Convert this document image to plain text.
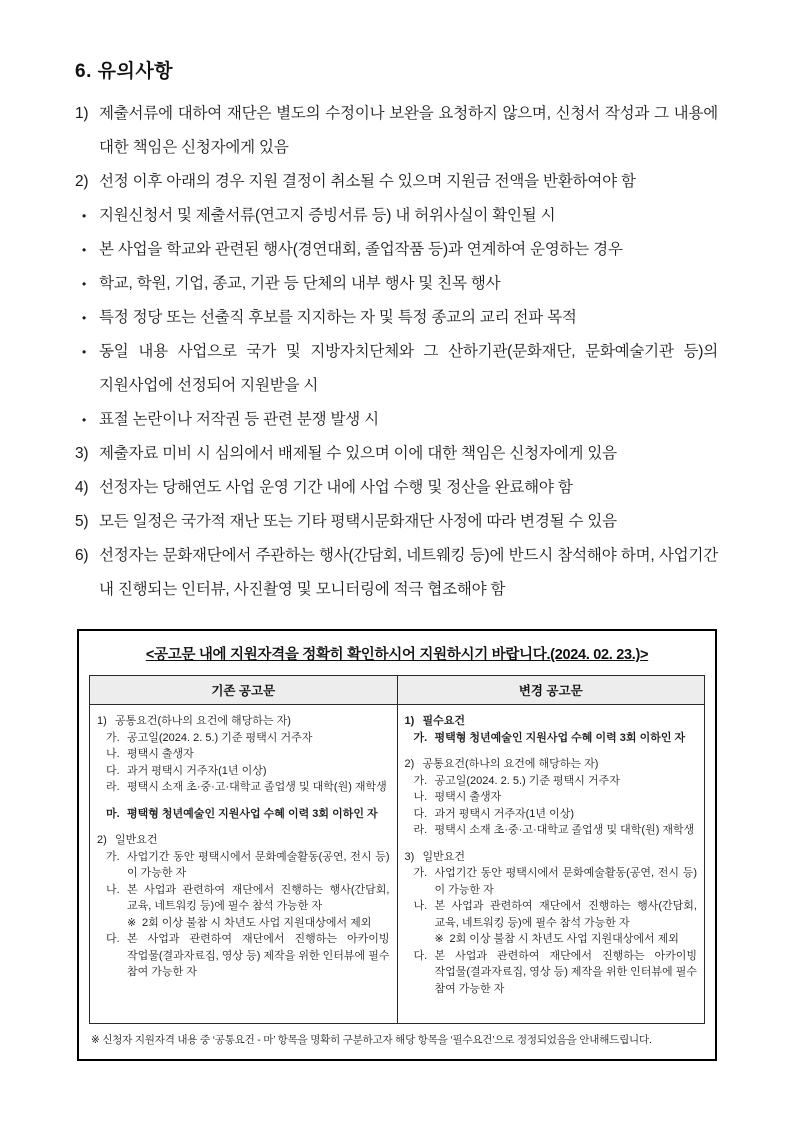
6. 유의사항
1) 제출서류에 대하여 재단은 별도의 수정이나 보완을 요청하지 않으며, 신청서 작성과 그 내용에 대한 책임은 신청자에게 있음
2) 선정 이후 아래의 경우 지원 결정이 취소될 수 있으며 지원금 전액을 반환하여야 함
• 지원신청서 및 제출서류(연고지 증빙서류 등) 내 허위사실이 확인될 시
• 본 사업을 학교와 관련된 행사(경연대회, 졸업작품 등)과 연계하여 운영하는 경우
• 학교, 학원, 기업, 종교, 기관 등 단체의 내부 행사 및 친목 행사
• 특정 정당 또는 선출직 후보를 지지하는 자 및 특정 종교의 교리 전파 목적
• 동일 내용 사업으로 국가 및 지방자치단체와 그 산하기관(문화재단, 문화예술기관 등)의 지원사업에 선정되어 지원받을 시
• 표절 논란이나 저작권 등 관련 분쟁 발생 시
3) 제출자료 미비 시 심의에서 배제될 수 있으며 이에 대한 책임은 신청자에게 있음
4) 선정자는 당해연도 사업 운영 기간 내에 사업 수행 및 정산을 완료해야 함
5) 모든 일정은 국가적 재난 또는 기타 평택시문화재단 사정에 따라 변경될 수 있음
6) 선정자는 문화재단에서 주관하는 행사(간담회, 네트웨킹 등)에 반드시 참석해야 하며, 사업기간 내 진행되는 인터뷰, 사진촬영 및 모니터링에 적극 협조해야 함
<공고문 내에 지원자격을 정확히 확인하시어 지원하시기 바랍니다.(2024. 02. 23.)>
기존 공고문	변경 공고문

1) 공통요건(하나의 요건에 해당하는 자)
가. 공고일(2024. 2. 5.) 기준 평택시 거주자
나. 평택시 출생자
다. 과거 평택시 거주자(1년 이상)
라. 평택시 소재 초·중·고·대학교 졸업생 및 대학(원) 재학생
마. 평택형 청년예술인 지원사업 수혜 이력 3회 이하인 자
2) 일반요건
가. 사업기간 동안 평택시에서 문화예술활동(공연, 전시 등)이 가능한 자
나. 본 사업과 관련하여 재단에서 진행하는 행사(간담회, 교육, 네트워킹 등)에 필수 참석 가능한 자
※ 2회 이상 불참 시 차년도 사업 지원대상에서 제외
다. 본 사업과 관련하여 재단에서 진행하는 아카이빙 작업물(결과자료집, 영상 등) 제작을 위한 인터뷰에 필수 참여 가능한 자

1) 필수요건
가. 평택형 청년예술인 지원사업 수혜 이력 3회 이하인 자
2) 공통요건(하나의 요건에 해당하는 자)
가. 공고일(2024. 2. 5.) 기준 평택시 거주자
나. 평택시 출생자
다. 과거 평택시 거주자(1년 이상)
라. 평택시 소재 초·중·고·대학교 졸업생 및 대학(원) 재학생
3) 일반요건
가. 사업기간 동안 평택시에서 문화예술활동(공연, 전시 등)이 가능한 자
나. 본 사업과 관련하여 재단에서 진행하는 행사(간담회, 교육, 네트워킹 등)에 필수 참석 가능한 자
※ 2회 이상 불참 시 차년도 사업 지원대상에서 제외
다. 본 사업과 관련하여 재단에서 진행하는 아카이빙 작업물(결과자료집, 영상 등) 제작을 위한 인터뷰에 필수 참여 가능한 자
※ 신청자 지원자격 내용 중 ‘공통요건 - 마’ 항목을 명확히 구분하고자 해당 항목을 ‘필수요건’으로 정정되었음을 안내해드립니다.
